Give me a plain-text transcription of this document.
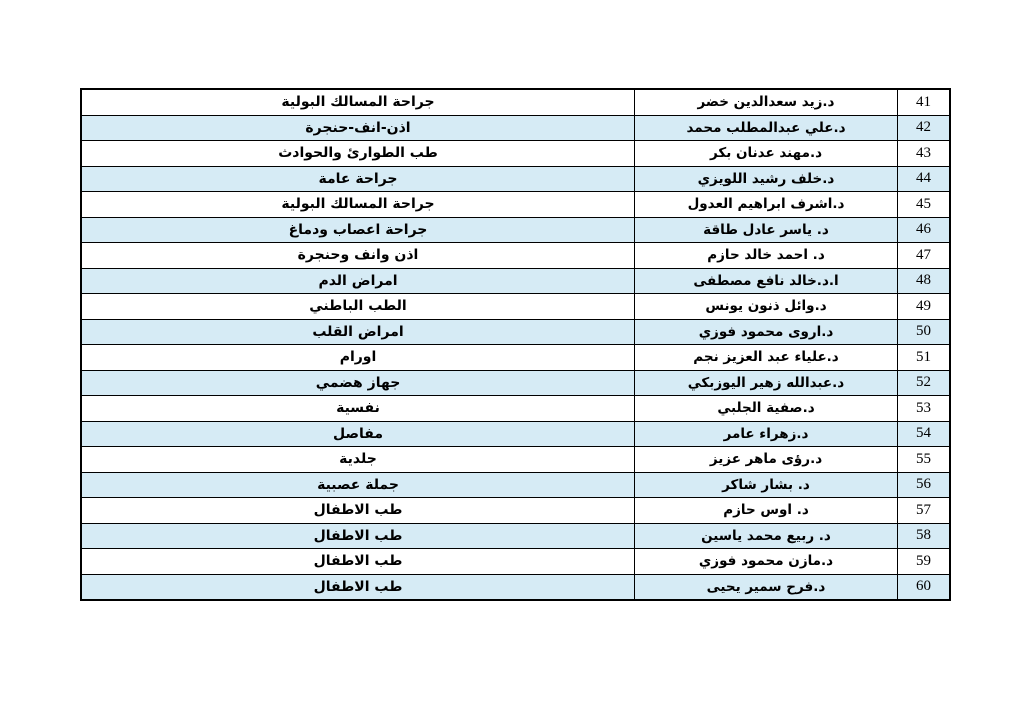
جراحة المسالك البولية	د.زيد سعدالدين خضر	41
اذن-انف-حنجرة	د.علي عبدالمطلب محمد	42
طب الطوارئ والحوادث	د.مهند عدنان بكر	43
جراحة عامة	د.خلف رشيد اللويزي	44
جراحة المسالك البولية	د.اشرف ابراهيم العدول	45
جراحة اعصاب ودماغ	د. ياسر عادل طاقة	46
اذن وانف وحنجرة	د. احمد خالد حازم	47
امراض الدم	ا.د.خالد نافع مصطفى	48
الطب الباطني	د.وائل ذنون يونس	49
امراض القلب	د.اروى محمود فوزي	50
اورام	د.علياء عبد العزيز نجم	51
جهاز هضمي	د.عبدالله زهير اليوزبكي	52
نفسية	د.صفية الجلبي	53
مفاصل	د.زهراء عامر	54
جلدية	د.رؤى ماهر عزيز	55
جملة عصبية	د. بشار شاكر	56
طب الاطفال	د. اوس حازم	57
طب الاطفال	د. ربيع محمد ياسين	58
طب الاطفال	د.مازن محمود فوزي	59
طب الاطفال	د.فرح سمير يحيى	60
